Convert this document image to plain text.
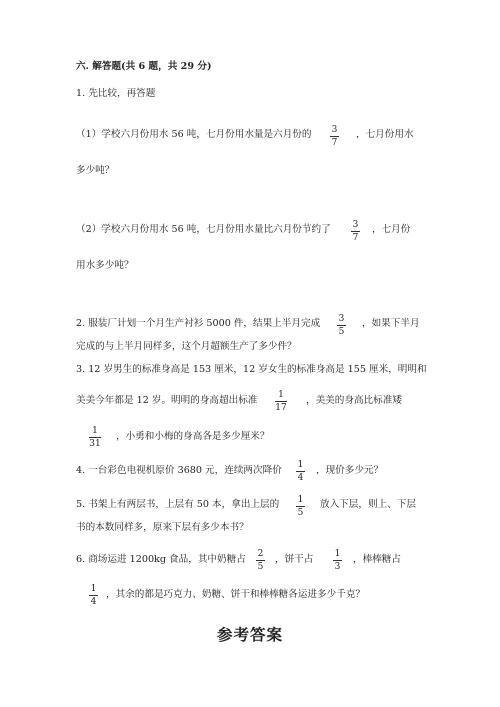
六. 解答题(共 6 题，共 29 分)
1. 先比较，再答题
（1）学校六月份用水 56 吨，七月份用水量是六月份的 3
7
，七月份用水
多少吨？
（2）学校六月份用水 56 吨，七月份用水量比六月份节约了 3
7
，七月份
用水多少吨？
2. 服装厂计划一个月生产衬衫 5000 件，结果上半月完成 3
5
，如果下半月
完成的与上半月同样多，这个月超额生产了多少件？
3. 12 岁男生的标准身高是 153 厘米，12 岁女生的标准身高是 155 厘米，明明和
美美今年都是 12 岁。明明的身高超出标准 1
17
，美美的身高比标准矮
1
31
，小勇和小梅的身高各是多少厘米？
4. 一台彩色电视机原价 3680 元，连续两次降价 1
4
，现价多少元？
5. 书架上有两层书，上层有 50 本，拿出上层的 1
5
放入下层，则上、下层
书的本数同样多，原来下层有多少本书？
6. 商场运进 1200kg 食品，其中奶糖占 2
5
，饼干占 1
3
，棒棒糖占
1
4
，其余的都是巧克力、奶糖、饼干和棒棒糖各运进多少千克？
参考答案
